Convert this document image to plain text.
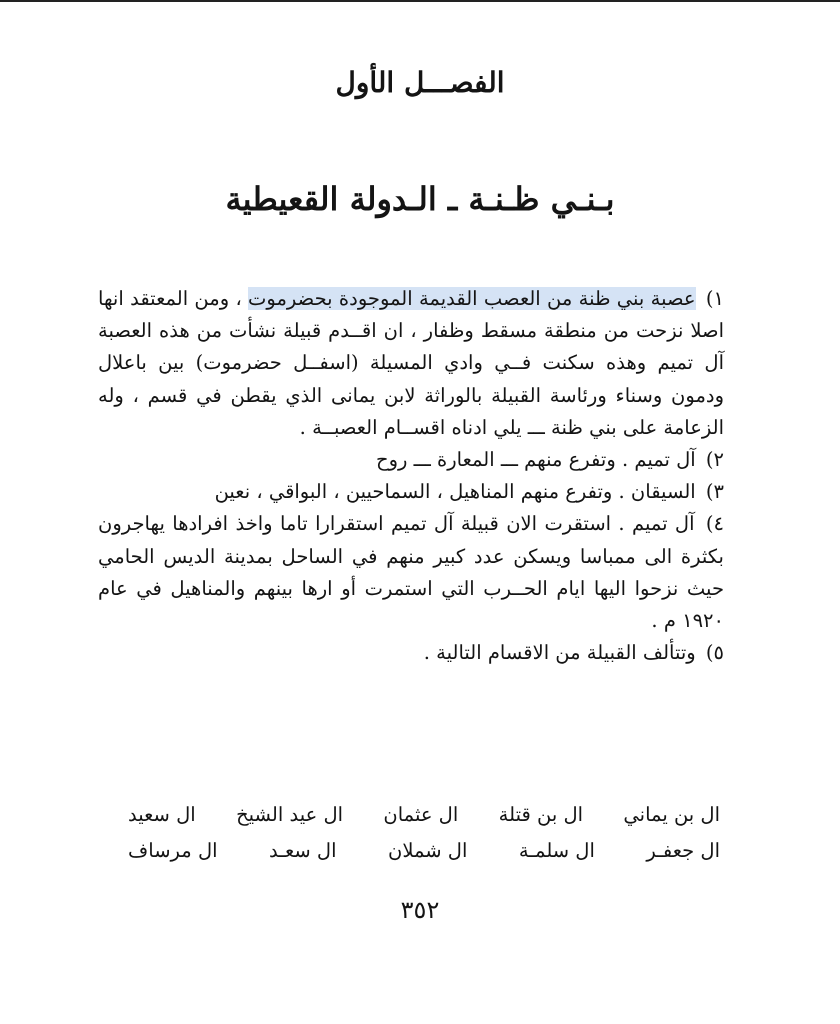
الفصـــل الأول
بـنـي ظـنـة ـ الـدولة القعيطية

١) عصبة بني ظنة من العصب القديمة الموجودة بحضرموت ، ومن المعتقد انها اصلا نزحت من منطقة مسقط وظفار ، ان اقــدم قبيلة نشأت من هذه العصبة آل تميم وهذه سكنت فــي وادي المسيلة (اسفــل حضرموت) بين باعلال ودمون وسناء ورئاسة القبيلة بالوراثة لابن يمانى الذي يقطن في قسم ، وله الزعامة على بني ظنة ـــ يلي ادناه اقســام العصبــة .

٢) آل تميم . وتفرع منهم ـــ المعارة ـــ روح

٣) السيقان . وتفرع منهم المناهيل ، السماحيين ، البواقي ، نعين

٤) آل تميم . استقرت الان قبيلة آل تميم استقرارا تاما واخذ افرادها يهاجرون بكثرة الى ممباسا ويسكن عدد كبير منهم في الساحل بمدينة الديس الحامي حيث نزحوا اليها ايام الحــرب التي استمرت أو ارها بينهم والمناهيل في عام ١٩٢٠ م .

٥) وتتألف القبيلة من الاقسام التالية .

ال بن يماني
ال بن قتلة
ال عثمان
ال عيد الشيخ
ال سعيد
ال جعفـر
ال سلمـة
ال شملان
ال سعـد
ال مرساف
٣٥٢
